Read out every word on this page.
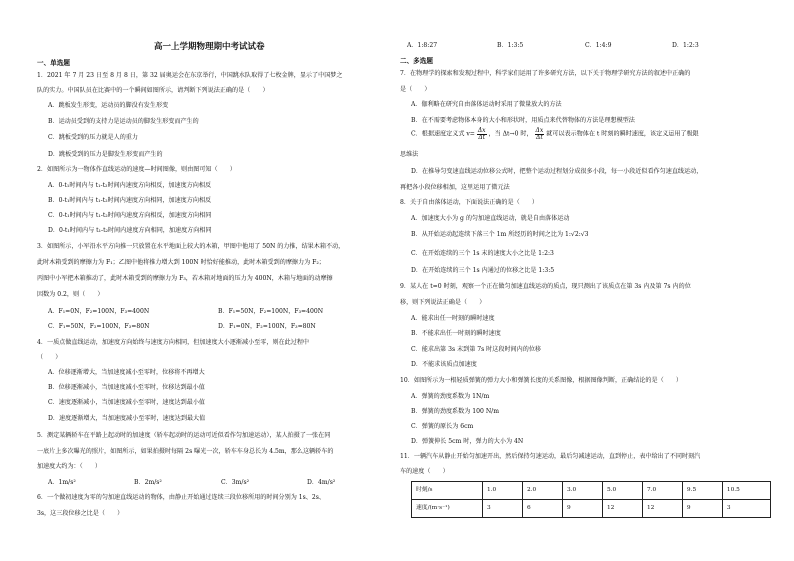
高一上学期物理期中考试试卷
一、单选题
1．2021 年 7 月 23 日至 8 月 8 日，第 32 届奥运会在东京举行，中国跳水队取得了七枚金牌，显示了中国梦之
队的实力。中国队员在比赛中的一个瞬间如图所示，请判断下列说法正确的是（　　）
A．跳板发生形变，运动员的脚没有发生形变
B．运动员受到的支持力是运动员的脚发生形变而产生的
C．跳板受到的压力就是人的重力
D．跳板受到的压力是脚发生形变而产生的
2．如图所示为一物体作直线运动的速度—时间图像，则由图可知（　　）
A．0-t₁时间内与 t₁-t₂时间内速度方向相反，加速度方向相反
B．0-t₁时间内与 t₁-t₂时间内速度方向相同，加速度方向相反
C．0-t₁时间内与 t₁-t₂时间内速度方向相反，加速度方向相同
D．0-t₁时间内与 t₁-t₂时间内速度方向相同，加速度方向相同
3．如图所示，小军沿水平方向推一只放置在水平地面上较大的木箱，甲图中他用了 50N 的力推，结果木箱不动，
此时木箱受到的摩擦力为 F₁；乙图中他将推力增大到 100N 时恰好能推动，此时木箱受到的摩擦力为 F₂；
丙图中小军把木箱推动了，此时木箱受到的摩擦力为 F₃，若木箱对地面的压力为 400N，木箱与地面的动摩擦
因数为 0.2，则（　　）
A．F₁=0N，F₂=100N，F₃=400N	B．F₁=50N，F₂=100N，F₃=400N
C．F₁=50N，F₂=100N，F₃=80N	D．F₁=0N，F₂=100N，F₃=80N
4．一质点做直线运动，加速度方向始终与速度方向相同，但加速度大小逐渐减小至零，则在此过程中
（　　）
A．位移逐渐增大，当加速度减小至零时，位移将不再增大
B．位移逐渐减小，当加速度减小至零时，位移达到最小值
C．速度逐渐减小，当加速度减小至零时，速度达到最小值
D．速度逐渐增大，当加速度减小至零时，速度达到最大值
5．测定某辆轿车在平路上起动时的加速度（轿车起动时的运动可近似看作匀加速运动），某人拍摄了一张在同
一底片上多次曝光的照片，如图所示，如果拍摄时每隔 2s 曝光一次，轿车车身总长为 4.5m，那么这辆轿车的
加速度大约为：（　　）
A．1m/s²	B．2m/s²	C．3m/s²	D．4m/s²
6．一个做初速度为零的匀加速直线运动的物体，由静止开始通过连续三段位移所用的时间分别为 1s、2s、
3s，这三段位移之比是（　　）
A．1:8:27	B．1:3:5	C．1:4:9	D．1:2:3
二、多选题
7．在物理学的探索和发现过程中，科学家们运用了许多研究方法，以下关于物理学研究方法的叙述中正确的
是（　　）
A．伽利略在研究自由落体运动时采用了微量放大的方法
B．在不需要考虑物体本身的大小和形状时，用质点来代替物体的方法是理想模型法
C．根据速度定义式 $v= \frac{\Delta x}{\Delta t}$ ，当 Δt→0 时， $\frac{\Delta x}{\Delta t}$ 就可以表示物体在 t 时刻的瞬时速度，该定义运用了极限
思维法
D．在推导匀变速直线运动位移公式时，把整个运动过程划分成很多小段，每一小段近似看作匀速直线运动，
再把各小段位移相加，这里运用了微元法
8．关于自由落体运动，下面说法正确的是（　　）
A．加速度大小为 g 的匀加速直线运动，就是自由落体运动
B．从开始运动起连续下落三个 1m 所经历的时间之比为 1:√2:√3
C．在开始连续的三个 1s 末的速度大小之比是 1:2:3
D．在开始连续的三个 1s 内通过的位移之比是 1:3:5
9．某人在 t=0 时刻，观察一个正在做匀加速直线运动的质点，现只测出了该质点在第 3s 内及第 7s 内的位
移，则下列说法正确是（　　）
A．能求出任一时刻的瞬时速度
B．不能求出任一时刻的瞬时速度
C．能求出第 3s 末到第 7s 时这段时间内的位移
D．不能求该质点加速度
10．如图所示为一根轻质弹簧的弹力大小和弹簧长度的关系图像，根据图像判断，正确结论的是（　　）
A．弹簧的劲度系数为 1N/m
B．弹簧的劲度系数为 100 N/m
C．弹簧的原长为 6cm
D．弹簧伸长 5cm 时，弹力的大小为 4N
11．一辆汽车从静止开始匀加速开出，然后保持匀速运动，最后匀减速运动，直到停止，表中给出了不同时刻汽
车的速度（　　）
时刻/s	1.0	2.0	3.0	5.0	7.0	9.5	10.5
速度/(m·s⁻¹)	3	6	9	12	12	9	3
